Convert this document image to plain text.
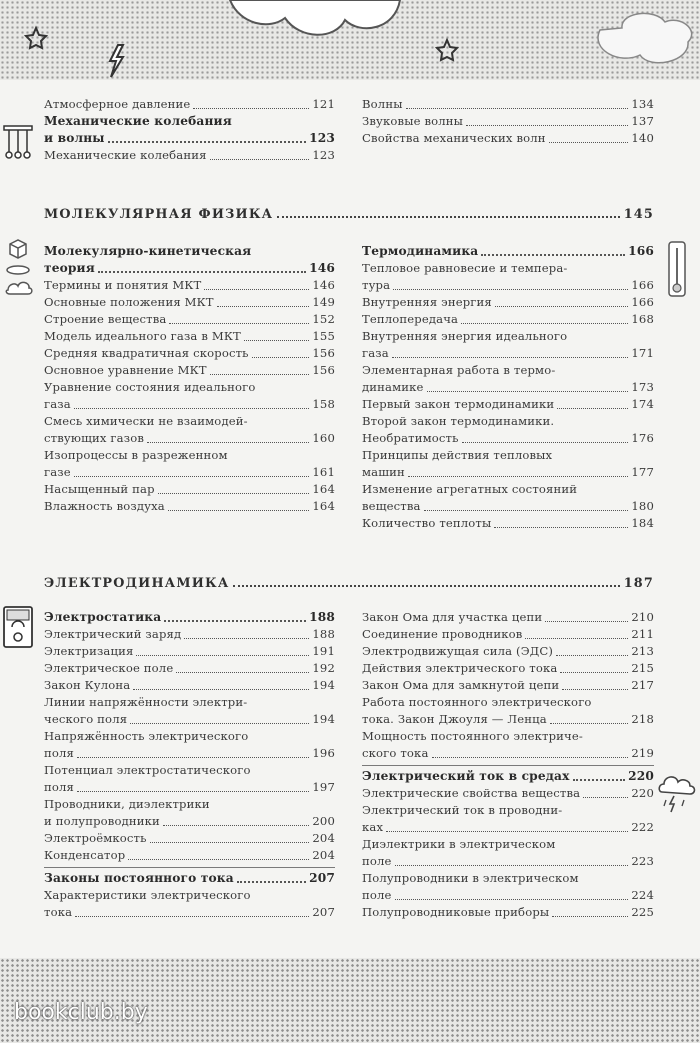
Атмосферное давление	121
Механические колебания
и волны	123
Механические колебания	123
Волны	134
Звуковые волны	137
Свойства механических волн	140
МОЛЕКУЛЯРНАЯ ФИЗИКА	145
Молекулярно-кинетическая
теория	146
Термины и понятия МКТ	146
Основные положения МКТ	149
Строение вещества	152
Модель идеального газа в МКТ	155
Средняя квадратичная скорость	156
Основное уравнение МКТ	156
Уравнение состояния идеального
газа	158
Смесь химически не взаимодей-
ствующих газов	160
Изопроцессы в разреженном
газе	161
Насыщенный пар	164
Влажность воздуха	164
Термодинамика	166
Тепловое равновесие и темпера-
тура	166
Внутренняя энергия	166
Теплопередача	168
Внутренняя энергия идеального
газа	171
Элементарная работа в термо-
динамике	173
Первый закон термодинамики	174
Второй закон термодинамики.
Необратимость	176
Принципы действия тепловых
машин	177
Изменение агрегатных состояний
вещества	180
Количество теплоты	184
ЭЛЕКТРОДИНАМИКА	187
Электростатика	188
Электрический заряд	188
Электризация	191
Электрическое поле	192
Закон Кулона	194
Линии напряжённости электри-
ческого поля	194
Напряжённость электрического
поля	196
Потенциал электростатического
поля	197
Проводники, диэлектрики
и полупроводники	200
Электроёмкость	204
Конденсатор	204
Законы постоянного тока	207
Характеристики электрического
тока	207
Закон Ома для участка цепи	210
Соединение проводников	211
Электродвижущая сила (ЭДС)	213
Действия электрического тока	215
Закон Ома для замкнутой цепи	217
Работа постоянного электрического
тока. Закон Джоуля — Ленца	218
Мощность постоянного электриче-
ского тока	219
Электрический ток в средах	220
Электрические свойства вещества	220
Электрический ток в проводни-
ках	222
Диэлектрики в электрическом
поле	223
Полупроводники в электрическом
поле	224
Полупроводниковые приборы	225
bookclub.by
